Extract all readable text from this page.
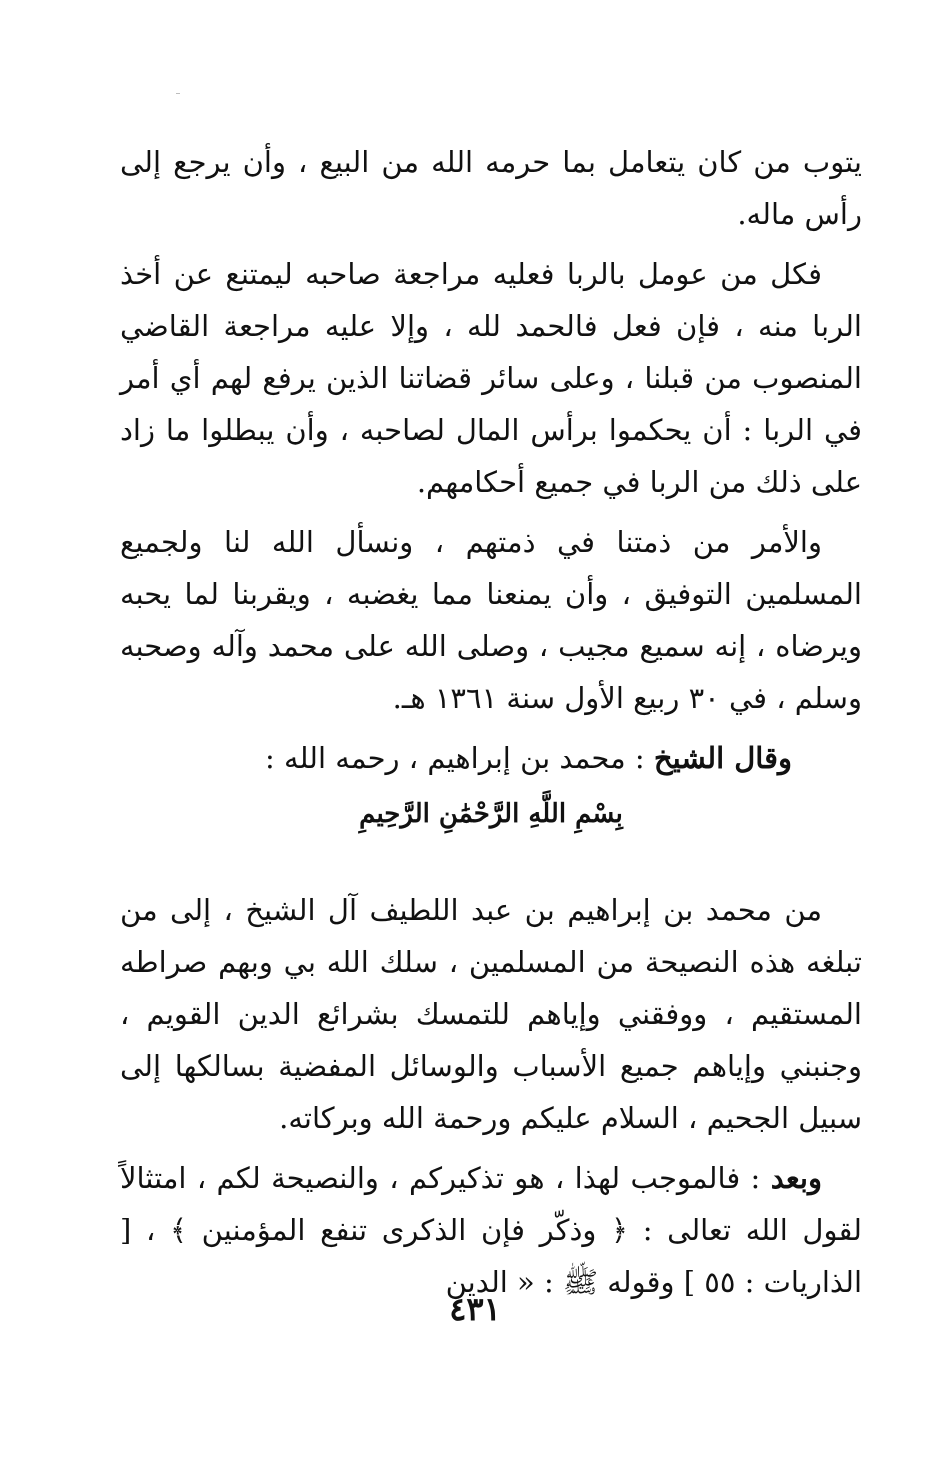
يتوب من كان يتعامل بما حرمه الله من البيع ، وأن يرجع إلى رأس ماله.

فكل من عومل بالربا فعليه مراجعة صاحبه ليمتنع عن أخذ الربا منه ، فإن فعل فالحمد لله ، وإلا عليه مراجعة القاضي المنصوب من قبلنا ، وعلى سائر قضاتنا الذين يرفع لهم أي أمر في الربا : أن يحكموا برأس المال لصاحبه ، وأن يبطلوا ما زاد على ذلك من الربا في جميع أحكامهم.

والأمر من ذمتنا في ذمتهم ، ونسأل الله لنا ولجميع المسلمين التوفيق ، وأن يمنعنا مما يغضبه ، ويقربنا لما يحبه ويرضاه ، إنه سميع مجيب ، وصلى الله على محمد وآله وصحبه وسلم ، في ٣٠ ربيع الأول سنة ١٣٦١ هـ.

وقال الشيخ : محمد بن إبراهيم ، رحمه الله :

بِسْمِ اللَّهِ الرَّحْمَٰنِ الرَّحِيمِ

من محمد بن إبراهيم بن عبد اللطيف آل الشيخ ، إلى من تبلغه هذه النصيحة من المسلمين ، سلك الله بي وبهم صراطه المستقيم ، ووفقني وإياهم للتمسك بشرائع الدين القويم ، وجنبني وإياهم جميع الأسباب والوسائل المفضية بسالكها إلى سبيل الجحيم ، السلام عليكم ورحمة الله وبركاته.

وبعد : فالموجب لهذا ، هو تذكيركم ، والنصيحة لكم ، امتثالاً لقول الله تعالى : ﴿ وذكّر فإن الذكرى تنفع المؤمنين ﴾ ، [ الذاريات : ٥٥ ] وقوله ﷺ : « الدين

٤٣١
